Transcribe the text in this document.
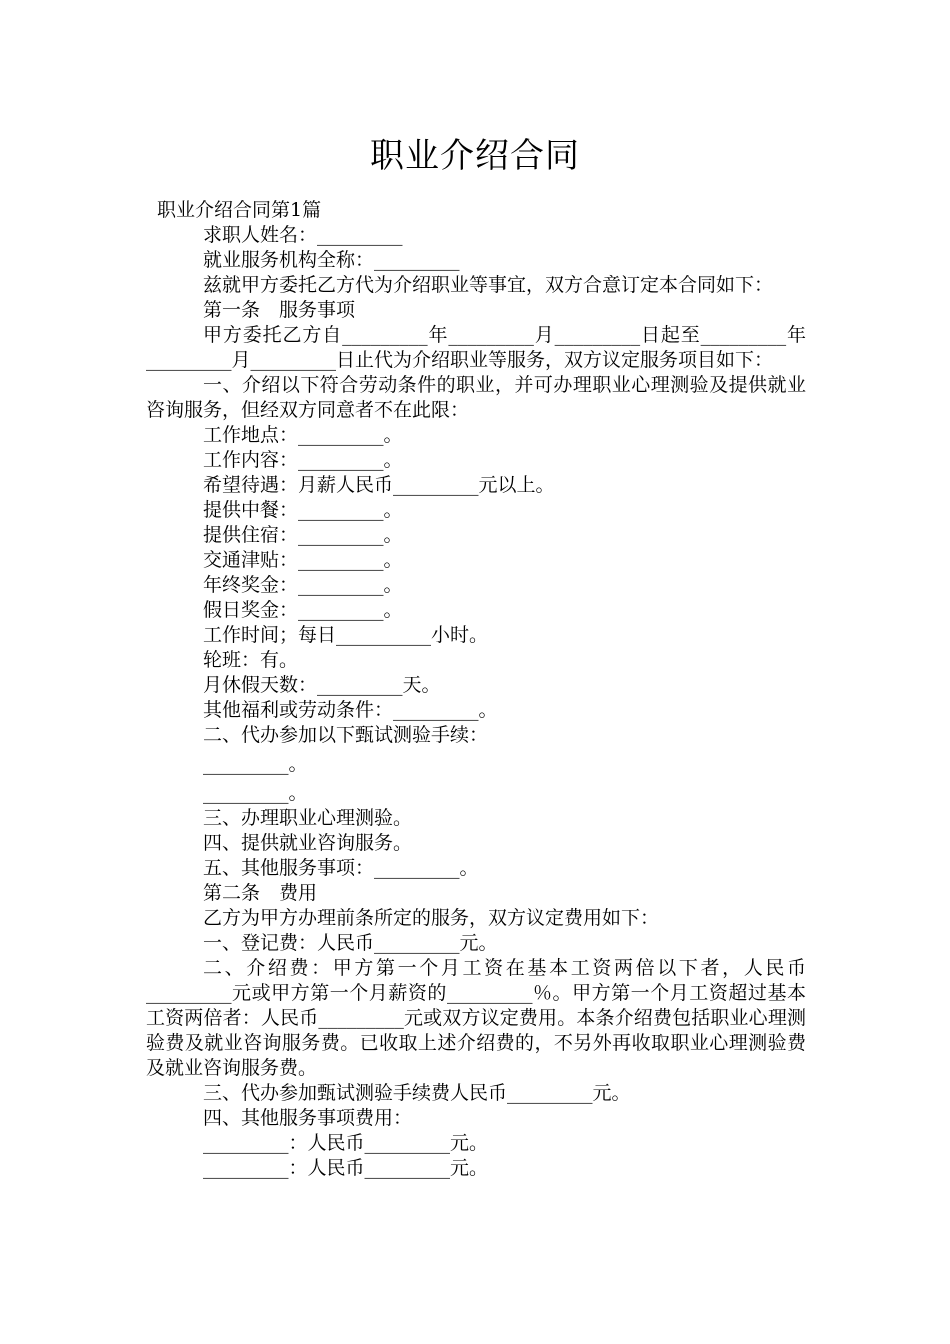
职业介绍合同

职业介绍合同第1篇

求职人姓名：_________

就业服务机构全称：_________

兹就甲方委托乙方代为介绍职业等事宜，双方合意订定本合同如下：

第一条　服务事项

甲方委托乙方自_________年_________月_________日起至_________年_________月_________日止代为介绍职业等服务，双方议定服务项目如下：

一、介绍以下符合劳动条件的职业，并可办理职业心理测验及提供就业咨询服务，但经双方同意者不在此限：

工作地点：_________。

工作内容：_________。

希望待遇：月薪人民币_________元以上。

提供中餐：_________。

提供住宿：_________。

交通津贴：_________。

年终奖金：_________。

假日奖金：_________。

工作时间；每日__________小时。

轮班：有。

月休假天数：_________天。

其他福利或劳动条件：_________。

二、代办参加以下甄试测验手续：

_________。

_________。

三、办理职业心理测验。

四、提供就业咨询服务。

五、其他服务事项：_________。

第二条　费用

乙方为甲方办理前条所定的服务，双方议定费用如下：

一、登记费：人民币_________元。

二、介绍费：甲方第一个月工资在基本工资两倍以下者，人民币_________元或甲方第一个月薪资的_________％。甲方第一个月工资超过基本工资两倍者：人民币_________元或双方议定费用。本条介绍费包括职业心理测验费及就业咨询服务费。已收取上述介绍费的，不另外再收取职业心理测验费及就业咨询服务费。

三、代办参加甄试测验手续费人民币_________元。

四、其他服务事项费用：

_________：人民币_________元。

_________：人民币_________元。
